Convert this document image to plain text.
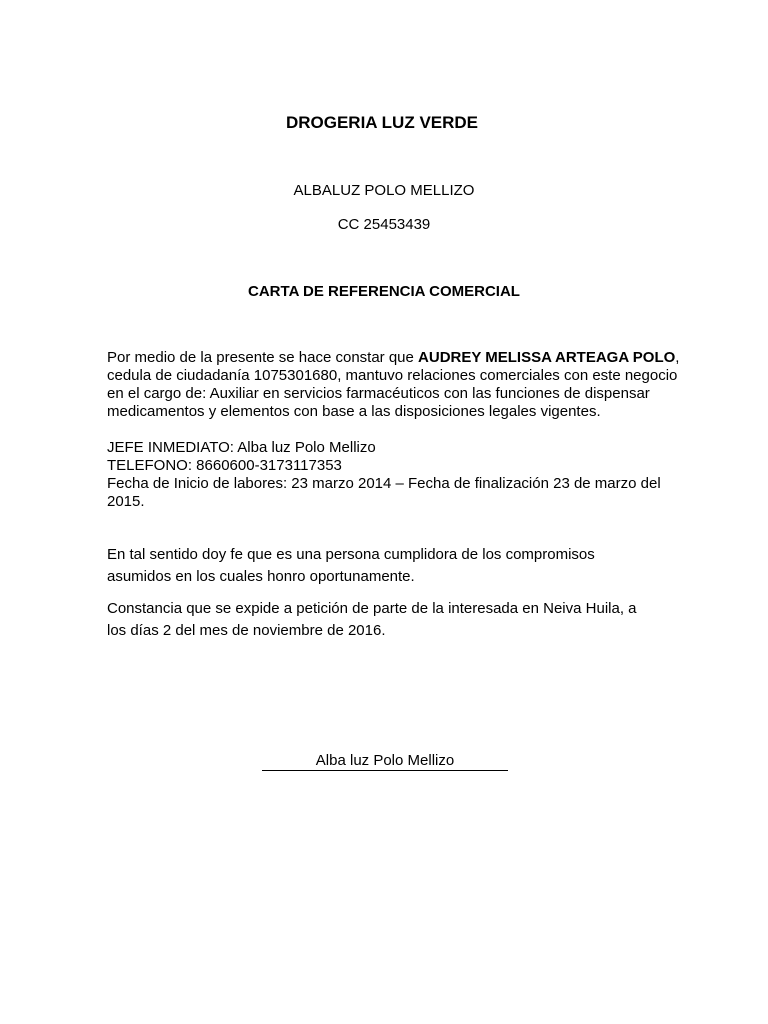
DROGERIA LUZ VERDE
ALBALUZ POLO MELLIZO
CC 25453439
CARTA DE REFERENCIA COMERCIAL
Por medio de la presente se hace constar que AUDREY MELISSA ARTEAGA POLO,
cedula de ciudadanía 1075301680, mantuvo relaciones comerciales con este negocio
en el cargo de: Auxiliar en servicios farmacéuticos con las funciones de dispensar
medicamentos y elementos con base a las disposiciones legales vigentes.
JEFE INMEDIATO: Alba luz Polo Mellizo
TELEFONO: 8660600-3173117353
Fecha de Inicio de labores: 23 marzo 2014 – Fecha de finalización 23 de marzo del
2015.
En tal sentido doy fe que es una persona cumplidora de los compromisos
asumidos en los cuales honro oportunamente.
Constancia que se expide a petición de parte de la interesada en Neiva Huila, a
los días 2 del mes de noviembre de 2016.
Alba luz Polo Mellizo
